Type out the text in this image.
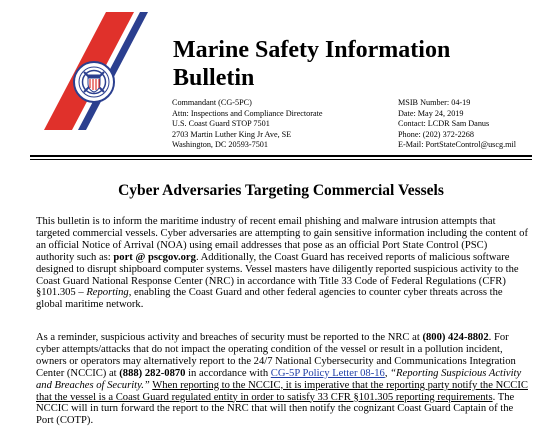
Marine Safety Information
Bulletin
Commandant (CG-5PC)
Attn: Inspections and Compliance Directorate
U.S. Coast Guard STOP 7501
2703 Martin Luther King Jr Ave, SE
Washington, DC 20593-7501
MSIB Number: 04-19
Date: May 24, 2019
Contact: LCDR Sam Danus
Phone: (202) 372-2268
E-Mail: PortStateControl@uscg.mil
Cyber Adversaries Targeting Commercial Vessels

This bulletin is to inform the maritime industry of recent email phishing and malware intrusion attempts that targeted commercial vessels. Cyber adversaries are attempting to gain sensitive information including the content of an official Notice of Arrival (NOA) using email addresses that pose as an official Port State Control (PSC) authority such as: port @ pscgov.org. Additionally, the Coast Guard has received reports of malicious software designed to disrupt shipboard computer systems. Vessel masters have diligently reported suspicious activity to the Coast Guard National Response Center (NRC) in accordance with Title 33 Code of Federal Regulations (CFR) §101.305 – Reporting, enabling the Coast Guard and other federal agencies to counter cyber threats across the global maritime network.

As a reminder, suspicious activity and breaches of security must be reported to the NRC at (800) 424-8802. For cyber attempts/attacks that do not impact the operating condition of the vessel or result in a pollution incident, owners or operators may alternatively report to the 24/7 National Cybersecurity and Communications Integration Center (NCCIC) at (888) 282-0870 in accordance with CG-5P Policy Letter 08-16, “Reporting Suspicious Activity and Breaches of Security.” When reporting to the NCCIC, it is imperative that the reporting party notify the NCCIC that the vessel is a Coast Guard regulated entity in order to satisfy 33 CFR §101.305 reporting requirements. The NCCIC will in turn forward the report to the NRC that will then notify the cognizant Coast Guard Captain of the Port (COTP).
